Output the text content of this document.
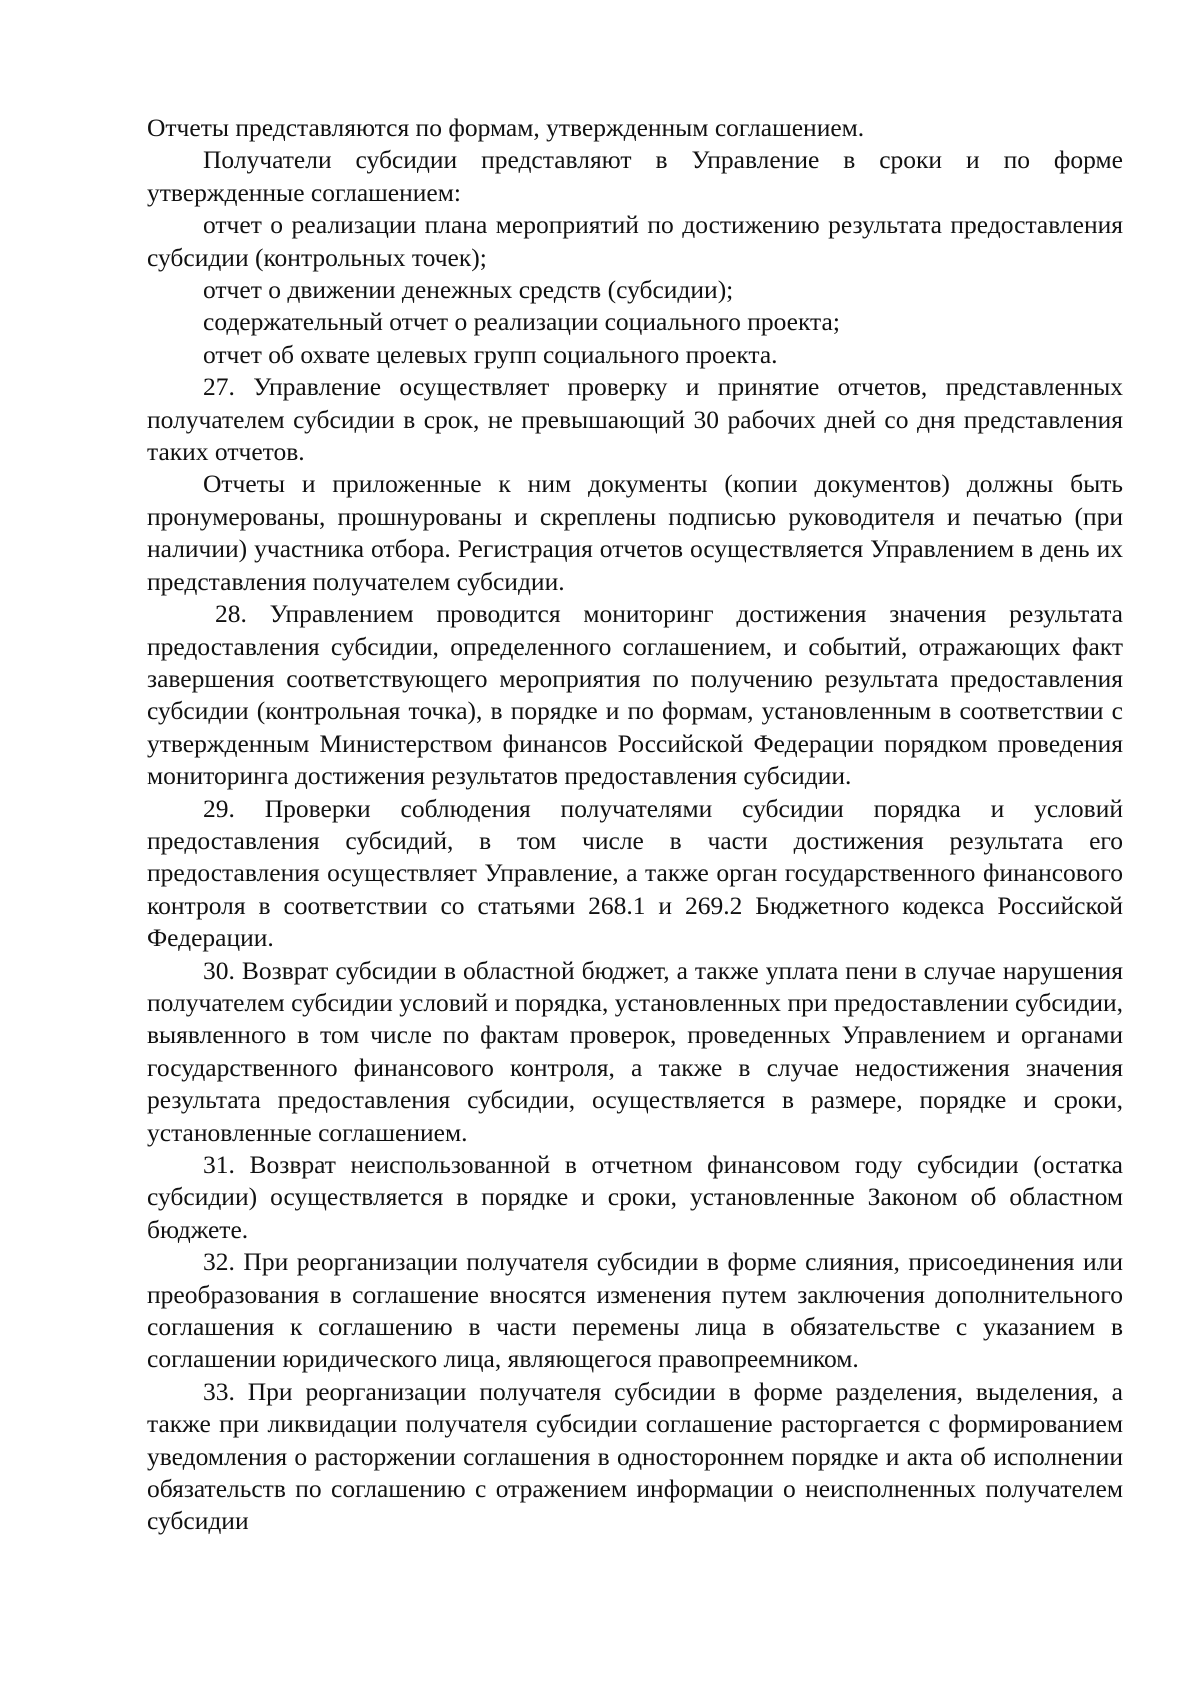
Отчеты представляются по формам, утвержденным соглашением.

Получатели субсидии представляют в Управление в сроки и по форме утвержденные соглашением:

отчет о реализации плана мероприятий по достижению результата предоставления субсидии (контрольных точек);

отчет о движении денежных средств (субсидии);

содержательный отчет о реализации социального проекта;

отчет об охвате целевых групп социального проекта.

27. Управление осуществляет проверку и принятие отчетов, представленных получателем субсидии в срок, не превышающий 30 рабочих дней со дня представления таких отчетов.

Отчеты и приложенные к ним документы (копии документов) должны быть пронумерованы, прошнурованы и скреплены подписью руководителя и печатью (при наличии) участника отбора. Регистрация отчетов осуществляется Управлением в день их представления получателем субсидии.

28. Управлением проводится мониторинг достижения значения результата предоставления субсидии, определенного соглашением, и событий, отражающих факт завершения соответствующего мероприятия по получению результата предоставления субсидии (контрольная точка), в порядке и по формам, установленным в соответствии с утвержденным Министерством финансов Российской Федерации порядком проведения мониторинга достижения результатов предоставления субсидии.

29. Проверки соблюдения получателями субсидии порядка и условий предоставления субсидий, в том числе в части достижения результата его предоставления осуществляет Управление, а также орган государственного финансового контроля в соответствии со статьями 268.1 и 269.2 Бюджетного кодекса Российской Федерации.

30. Возврат субсидии в областной бюджет, а также уплата пени в случае нарушения получателем субсидии условий и порядка, установленных при предоставлении субсидии, выявленного в том числе по фактам проверок, проведенных Управлением и органами государственного финансового контроля, а также в случае недостижения значения результата предоставления субсидии, осуществляется в размере, порядке и сроки, установленные соглашением.

31. Возврат неиспользованной в отчетном финансовом году субсидии (остатка субсидии) осуществляется в порядке и сроки, установленные Законом об областном бюджете.

32. При реорганизации получателя субсидии в форме слияния, присоединения или преобразования в соглашение вносятся изменения путем заключения дополнительного соглашения к соглашению в части перемены лица в обязательстве с указанием в соглашении юридического лица, являющегося правопреемником.

33. При реорганизации получателя субсидии в форме разделения, выделения, а также при ликвидации получателя субсидии соглашение расторгается с формированием уведомления о расторжении соглашения в одностороннем порядке и акта об исполнении обязательств по соглашению с отражением информации о неисполненных получателем субсидии
